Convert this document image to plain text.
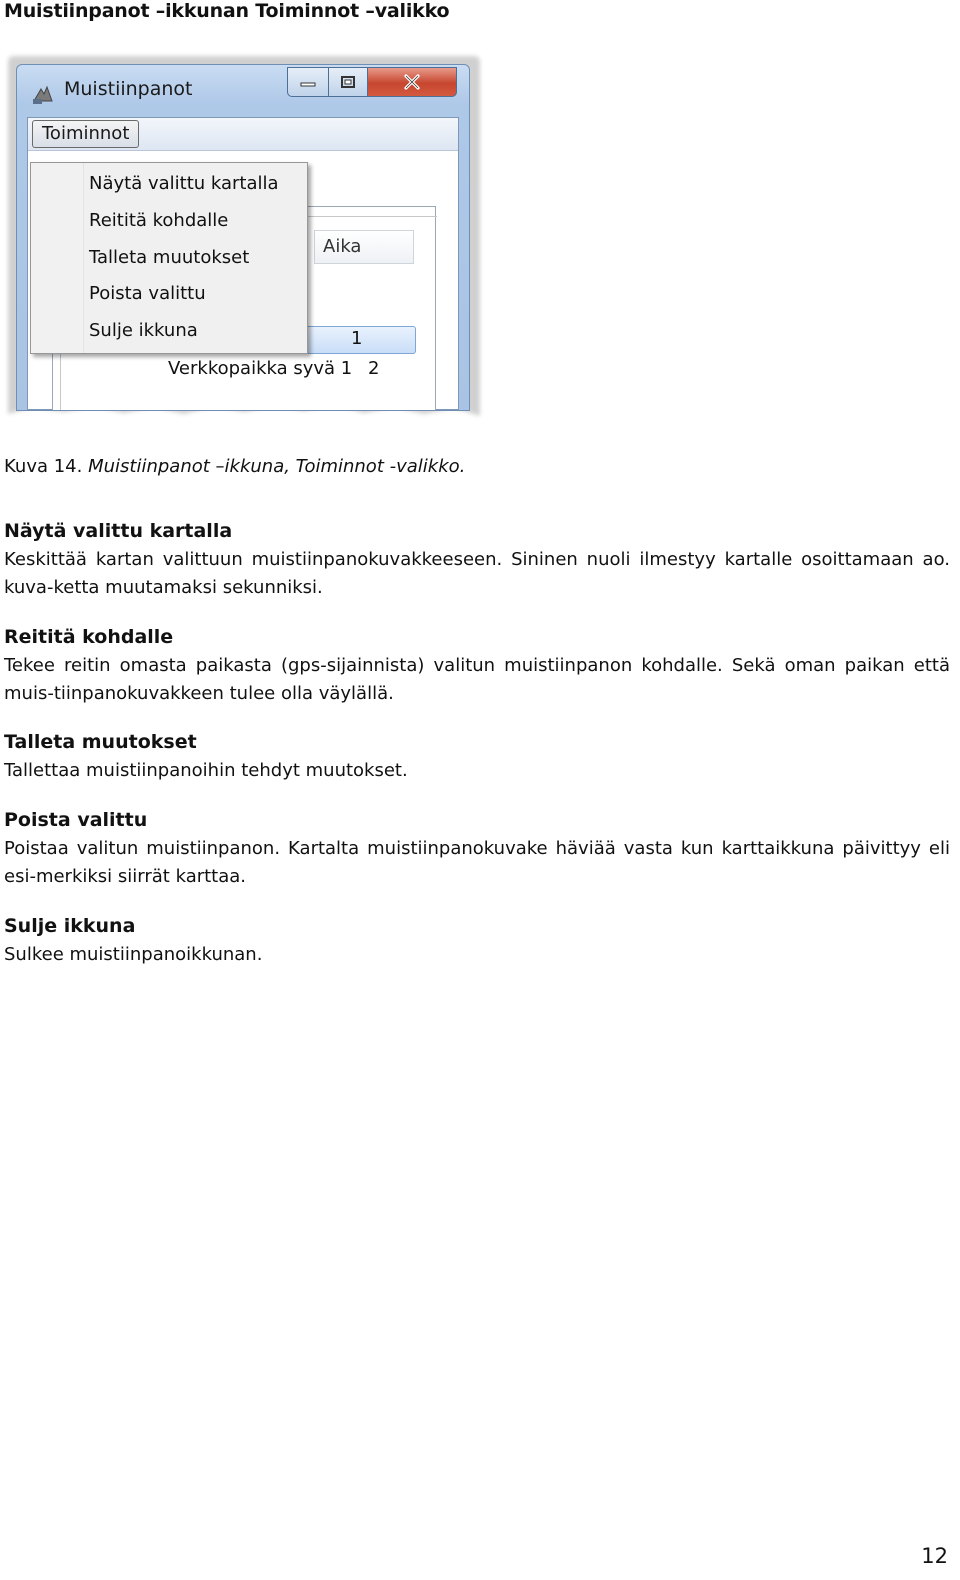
Muistiinpanot –ikkunan Toiminnot –valikko
Muistiinpanot
Toiminnot
Aika
1
Verkkopaikka syvä 1 2
Näytä valittu kartalla
Reititä kohdalle
Talleta muutokset
Poista valittu
Sulje ikkuna
Kuva 14. Muistiinpanot –ikkuna, Toiminnot -valikko.
Näytä valittu kartalla
Keskittää kartan valittuun muistiinpanokuvakkeeseen. Sininen nuoli ilmestyy kartalle osoittamaan ao. kuva-ketta muutamaksi sekunniksi.
Reititä kohdalle
Tekee reitin omasta paikasta (gps-sijainnista) valitun muistiinpanon kohdalle. Sekä oman paikan että muis-tiinpanokuvakkeen tulee olla väylällä.
Talleta muutokset
Tallettaa muistiinpanoihin tehdyt muutokset.
Poista valittu
Poistaa valitun muistiinpanon. Kartalta muistiinpanokuvake häviää vasta kun karttaikkuna päivittyy eli esi-merkiksi siirrät karttaa.
Sulje ikkuna
Sulkee muistiinpanoikkunan.
12
